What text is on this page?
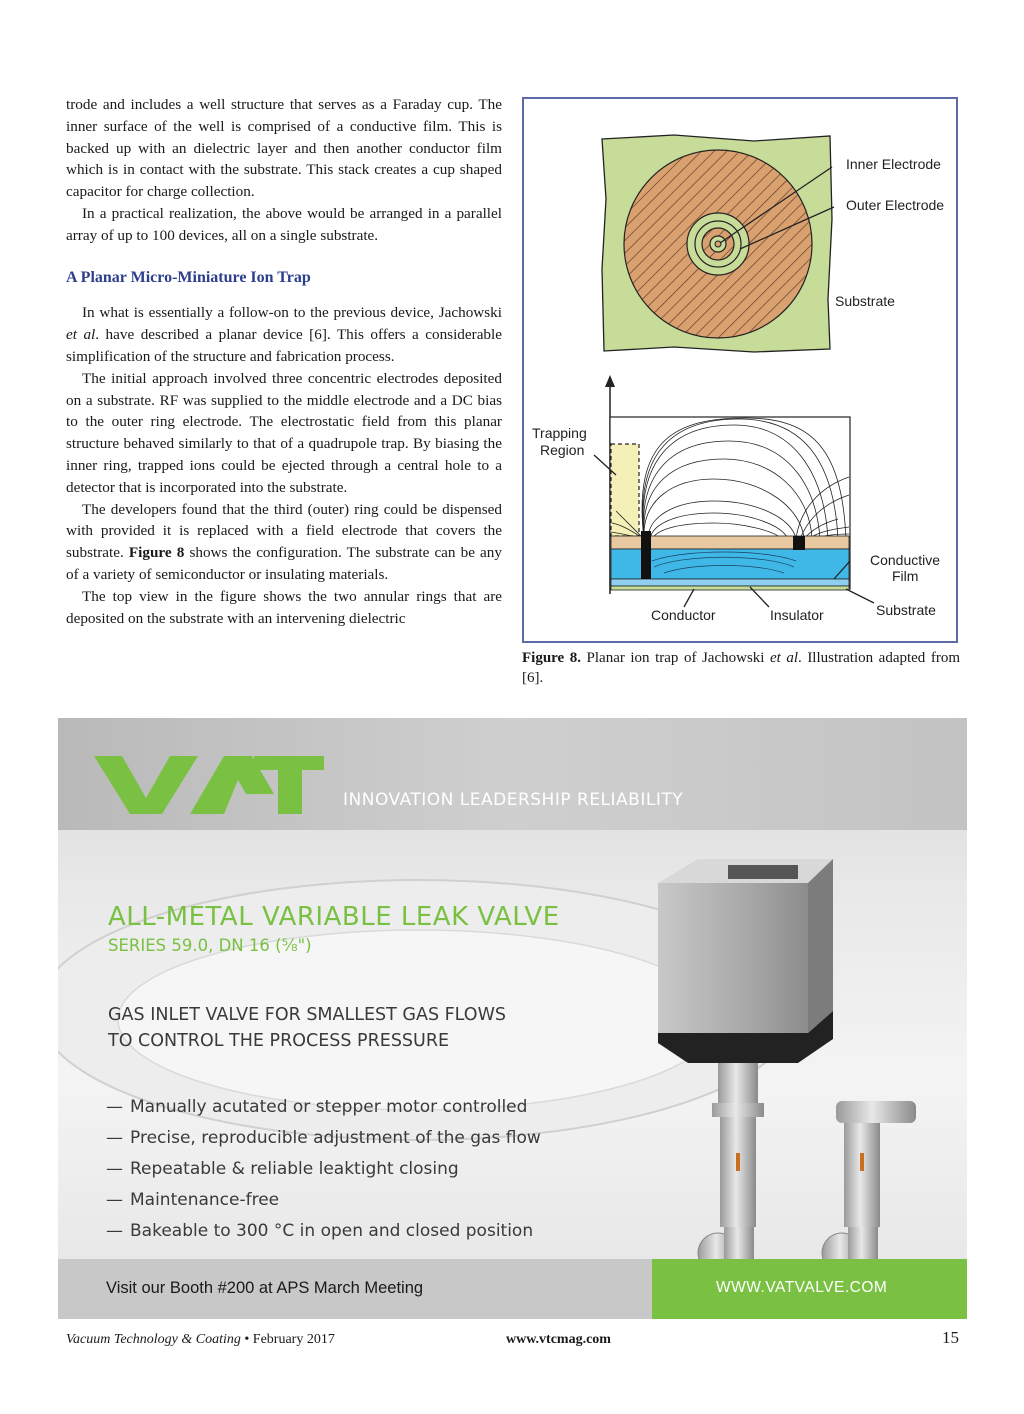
trode and includes a well structure that serves as a Faraday cup. The inner surface of the well is comprised of a conductive film. This is backed up with an dielectric layer and then another conductor film which is in contact with the substrate. This stack creates a cup shaped capacitor for charge collection.

In a practical realization, the above would be arranged in a parallel array of up to 100 devices, all on a single substrate.

A Planar Micro-Miniature Ion Trap

In what is essentially a follow-on to the previous device, Jachowski et al. have described a planar device [6]. This offers a considerable simplification of the structure and fabrication process.

The initial approach involved three concentric electrodes deposited on a substrate. RF was supplied to the middle electrode and a DC bias to the outer ring electrode. The electrostatic field from this planar structure behaved similarly to that of a quadrupole trap. By biasing the inner ring, trapped ions could be ejected through a central hole to a detector that is incorporated into the substrate.

The developers found that the third (outer) ring could be dispensed with provided it is replaced with a field electrode that covers the substrate. Figure 8 shows the configuration. The substrate can be any of a variety of semiconductor or insulating materials.

The top view in the figure shows the two annular rings that are deposited on the substrate with an intervening dielectric

Inner Electrode
Outer Electrode
Substrate
Trapping
Region
Conductive
Film
Conductor	Insulator	Substrate
Figure 8. Planar ion trap of Jachowski et al. Illustration adapted from [6].
INNOVATION LEADERSHIP RELIABILITY
ALL-METAL VARIABLE LEAK VALVE
SERIES 59.0, DN 16 (⅝")
GAS INLET VALVE FOR SMALLEST GAS FLOWS
TO CONTROL THE PROCESS PRESSURE
— Manually acutated or stepper motor controlled
— Precise, reproducible adjustment of the gas flow
— Repeatable & reliable leaktight closing
— Maintenance-free
— Bakeable to 300 °C in open and closed position
Visit our Booth #200 at APS March Meeting	WWW.VATVALVE.COM
Vacuum Technology & Coating • February 2017	www.vtcmag.com	15
